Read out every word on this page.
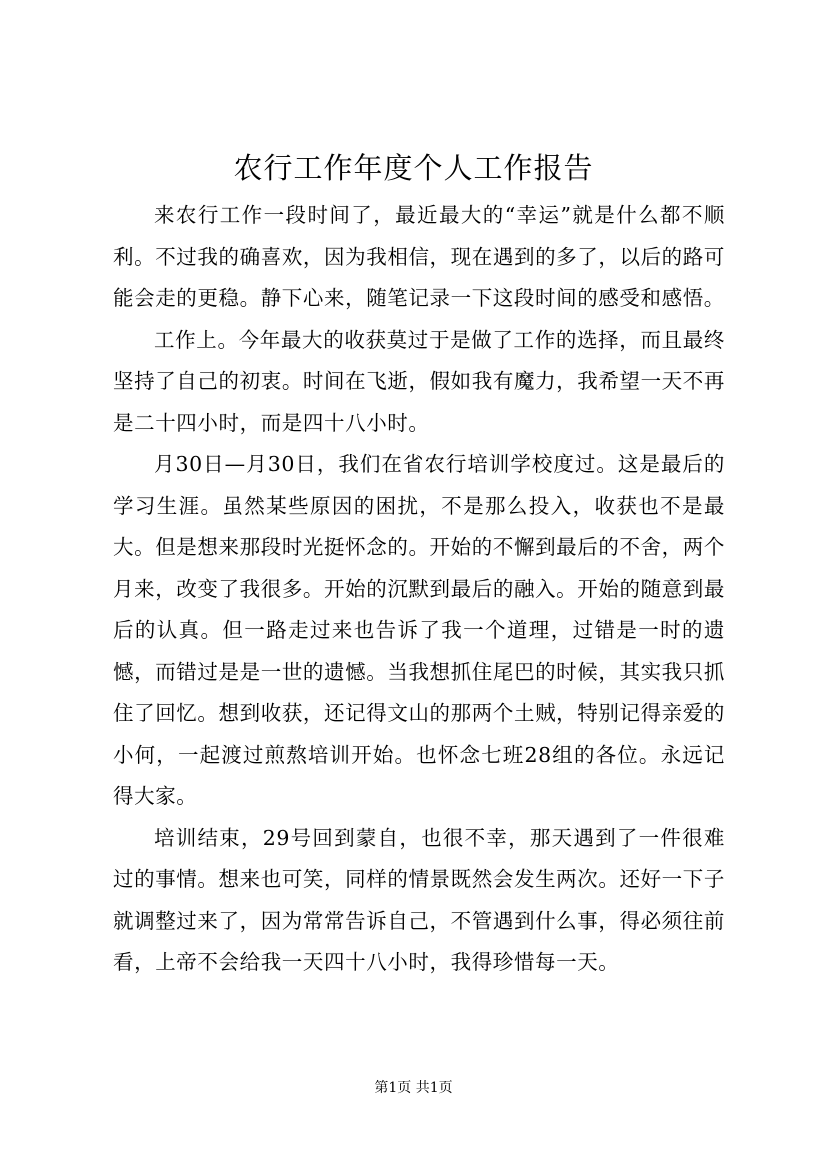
农行工作年度个人工作报告

来农行工作一段时间了，最近最大的“幸运”就是什么都不顺利。不过我的确喜欢，因为我相信，现在遇到的多了，以后的路可能会走的更稳。静下心来，随笔记录一下这段时间的感受和感悟。

工作上。今年最大的收获莫过于是做了工作的选择，而且最终坚持了自己的初衷。时间在飞逝，假如我有魔力，我希望一天不再是二十四小时，而是四十八小时。

月30日—月30日，我们在省农行培训学校度过。这是最后的学习生涯。虽然某些原因的困扰，不是那么投入，收获也不是最大。但是想来那段时光挺怀念的。开始的不懈到最后的不舍，两个月来，改变了我很多。开始的沉默到最后的融入。开始的随意到最后的认真。但一路走过来也告诉了我一个道理，过错是一时的遗憾，而错过是是一世的遗憾。当我想抓住尾巴的时候，其实我只抓住了回忆。想到收获，还记得文山的那两个土贼，特别记得亲爱的小何，一起渡过煎熬培训开始。也怀念七班28组的各位。永远记得大家。

培训结束，29号回到蒙自，也很不幸，那天遇到了一件很难过的事情。想来也可笑，同样的情景既然会发生两次。还好一下子就调整过来了，因为常常告诉自己，不管遇到什么事，得必须往前看，上帝不会给我一天四十八小时，我得珍惜每一天。

第1页 共1页
